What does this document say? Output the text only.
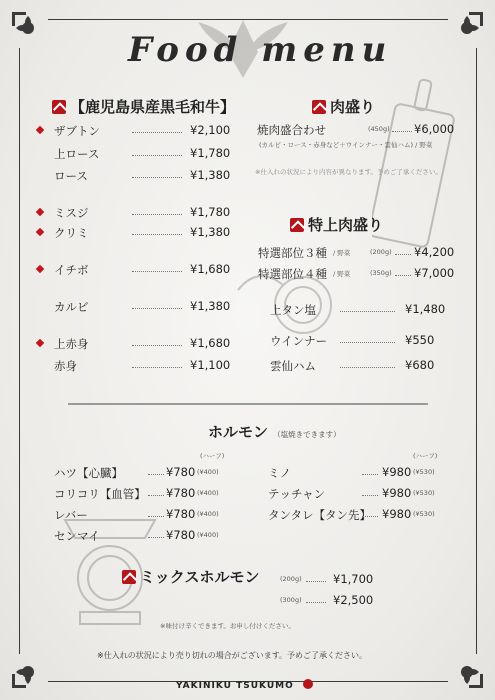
Food menu
【鹿児島県産黒毛和牛】
ザブトン	¥2,100
上ロース	¥1,780
ロース	¥1,380
ミスジ	¥1,780
クリミ	¥1,380
イチボ	¥1,680
カルビ	¥1,380
上赤身	¥1,680
赤身	¥1,100
肉盛り
焼肉盛合わせ	(450g) ¥6,000
(カルビ・ロース・赤身など＋ウインナー・雲仙ハム) / 野菜
※仕入れの状況により内容が異なります。予めご了承ください。
特上肉盛り
特選部位３種 / 野菜	(200g) ¥4,200
特選部位４種 / 野菜	(350g) ¥7,000
上タン塩	¥1,480
ウインナー	¥550
雲仙ハム	¥680
ホルモン （塩焼きできます）
(ハーフ)	(ハーフ)
ハツ【心臓】	¥780 (¥400)
コリコリ【血管】 ¥780 (¥400)
レバー	¥780 (¥400)
センマイ	¥780 (¥400)
ミノ	¥980 (¥530)
テッチャン	¥980 (¥530)
タンタレ【タン先】 ¥980 (¥530)
ミックスホルモン	(200g)	¥1,700
(300g)	¥2,500
※味付け辛くできます。お申し付けください。
※仕入れの状況により売り切れの場合がございます。予めご了承ください。
YAKINIKU TSUKUMO
